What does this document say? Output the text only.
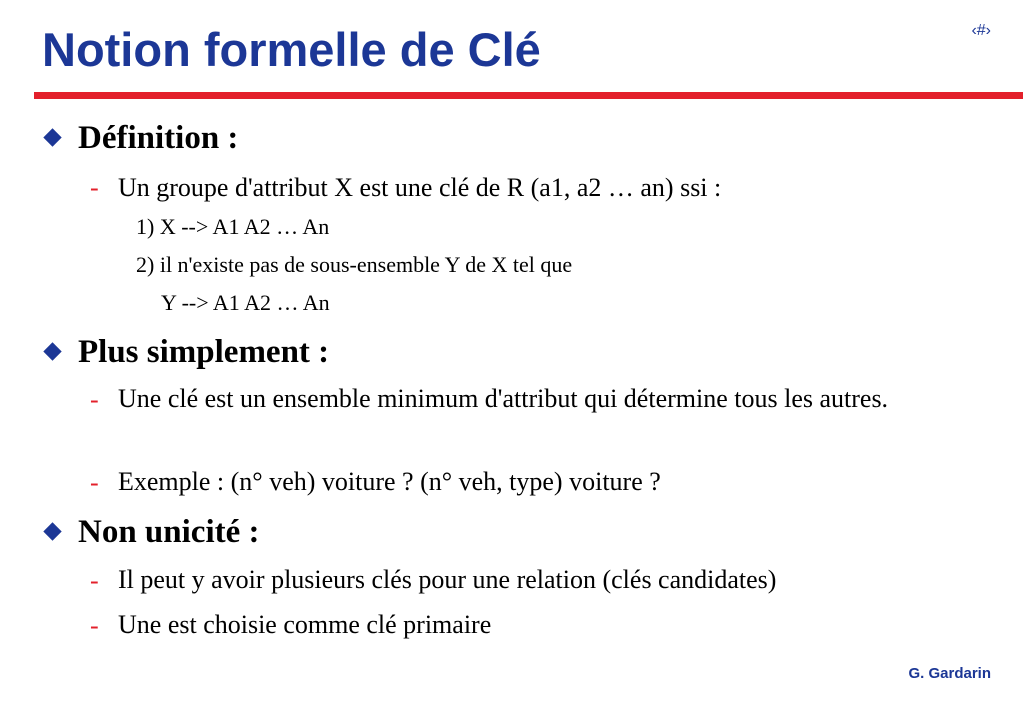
Notion formelle de Clé	‹#›
Définition :
- Un groupe d'attribut X est une clé de R (a1, a2 … an) ssi :
1) X --> A1 A2 … An
2) il n'existe pas de sous-ensemble Y de X tel que
Y --> A1 A2 … An
Plus simplement :
- Une clé est un ensemble minimum d'attribut qui détermine tous les autres.
- Exemple : (n° veh) voiture ? (n° veh, type) voiture ?
Non unicité :
- Il peut y avoir plusieurs clés pour une relation (clés candidates)
- Une est choisie comme clé primaire
G. Gardarin
